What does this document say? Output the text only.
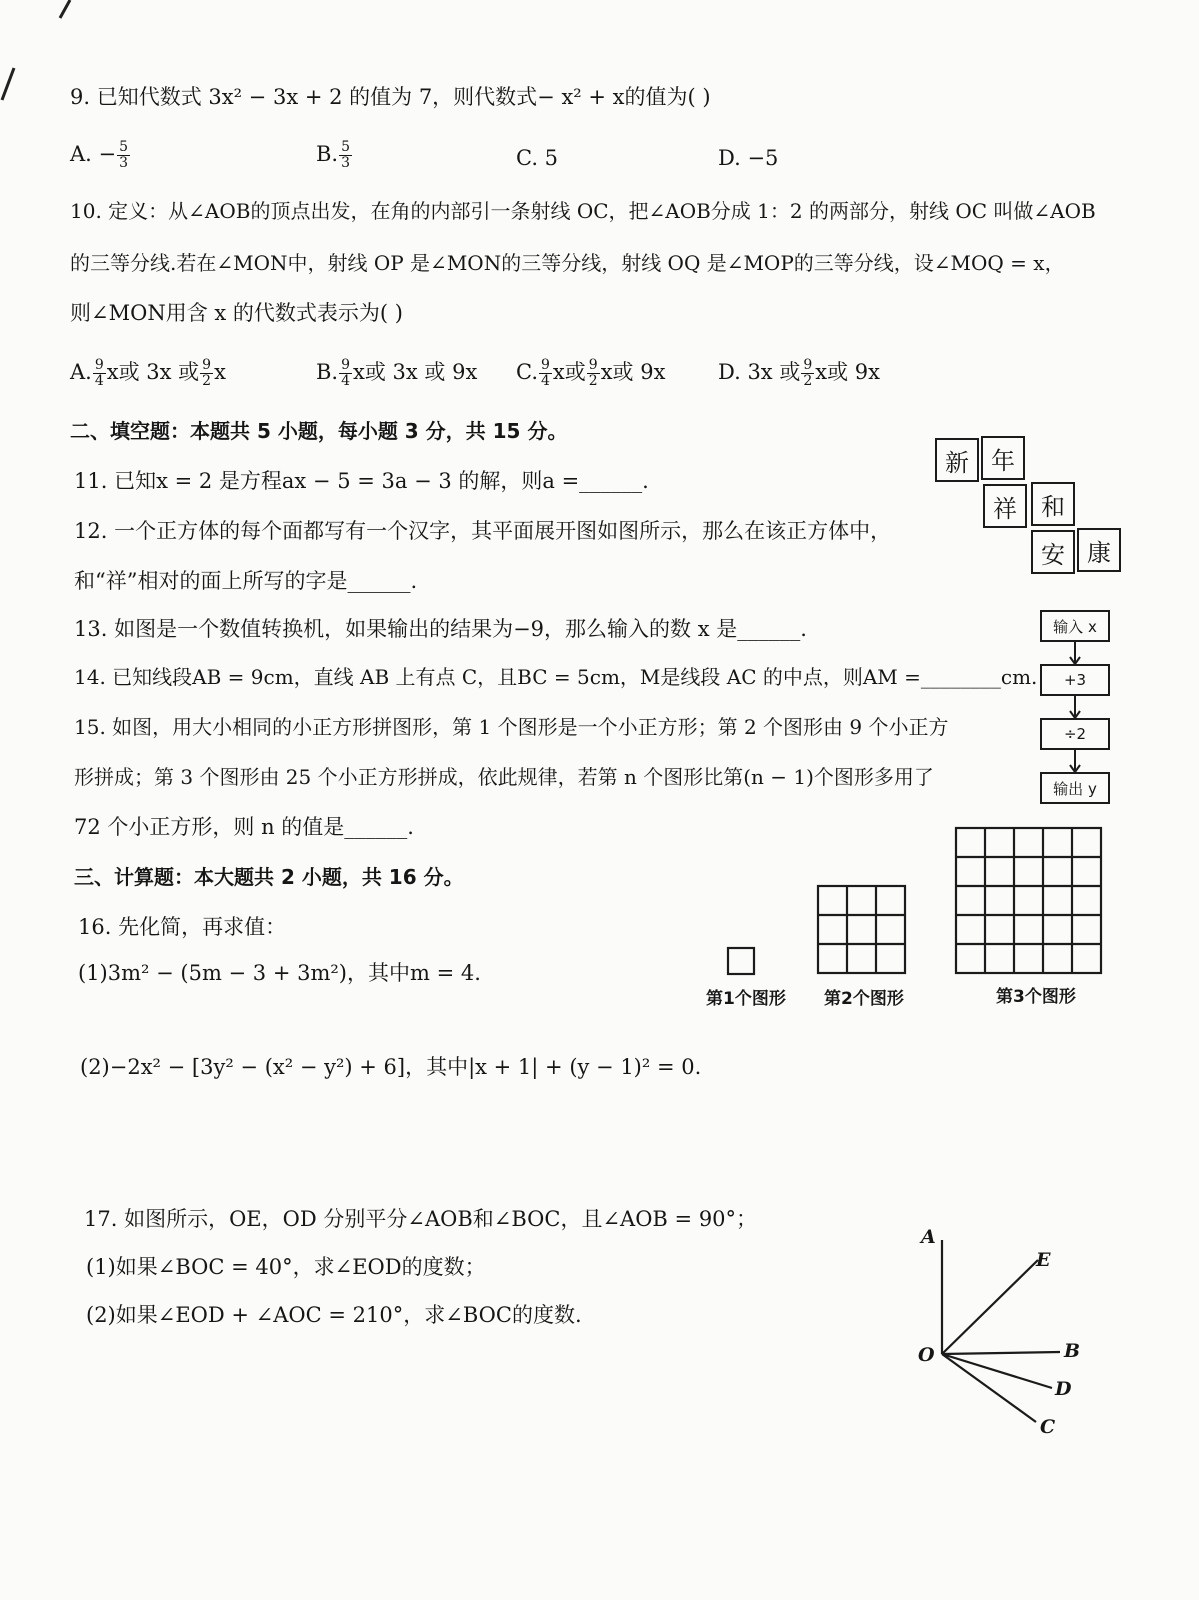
9. 已知代数式 3x² − 3x + 2 的值为 7，则代数式− x² + x的值为( )
A. − $\frac{5}{3}$	B. $\frac{5}{3}$	C. 5	D. −5
10. 定义：从∠AOB的顶点出发，在角的内部引一条射线 OC，把∠AOB分成 1：2 的两部分，射线 OC 叫做∠AOB
的三等分线.若在∠MON中，射线 OP 是∠MON的三等分线，射线 OQ 是∠MOP的三等分线，设∠MOQ = x，
则∠MON用含 x 的代数式表示为( )
A. $\frac{9}{4}$ x或 3x 或 $\frac{9}{2}$ x	B. $\frac{9}{4}$ x或 3x 或 9x C. $\frac{9}{4}$ x或 $\frac{9}{2}$ x或 9x	D. 3x 或 $\frac{9}{2}$ x或 9x
二、填空题：本题共 5 小题，每小题 3 分，共 15 分。
11. 已知x = 2 是方程ax − 5 = 3a − 3 的解，则a =______.
12. 一个正方体的每个面都写有一个汉字，其平面展开图如图所示，那么在该正方体中，
和“祥”相对的面上所写的字是______.
13. 如图是一个数值转换机，如果输出的结果为−9，那么输入的数 x 是______.
14. 已知线段AB = 9cm，直线 AB 上有点 C，且BC = 5cm，M是线段 AC 的中点，则AM =________cm.
15. 如图，用大小相同的小正方形拼图形，第 1 个图形是一个小正方形；第 2 个图形由 9 个小正方
形拼成；第 3 个图形由 25 个小正方形拼成，依此规律，若第 n 个图形比第(n − 1)个图形多用了
72 个小正方形，则 n 的值是______.
三、计算题：本大题共 2 小题，共 16 分。
16. 先化简，再求值：
(1)3m² − (5m − 3 + 3m²)，其中m = 4.
(2)−2x² − [3y² − (x² − y²) + 6]，其中|x + 1| + (y − 1)² = 0.
17. 如图所示，OE，OD 分别平分∠AOB和∠BOC，且∠AOB = 90°；
(1)如果∠BOC = 40°，求∠EOD的度数；
(2)如果∠EOD + ∠AOC = 210°，求∠BOC的度数.
新 年
祥	和
安 康
输入 x
+3
÷2
输出 y
第1个图形 第2个图形	第3个图形
A
E
B
D
C
O
